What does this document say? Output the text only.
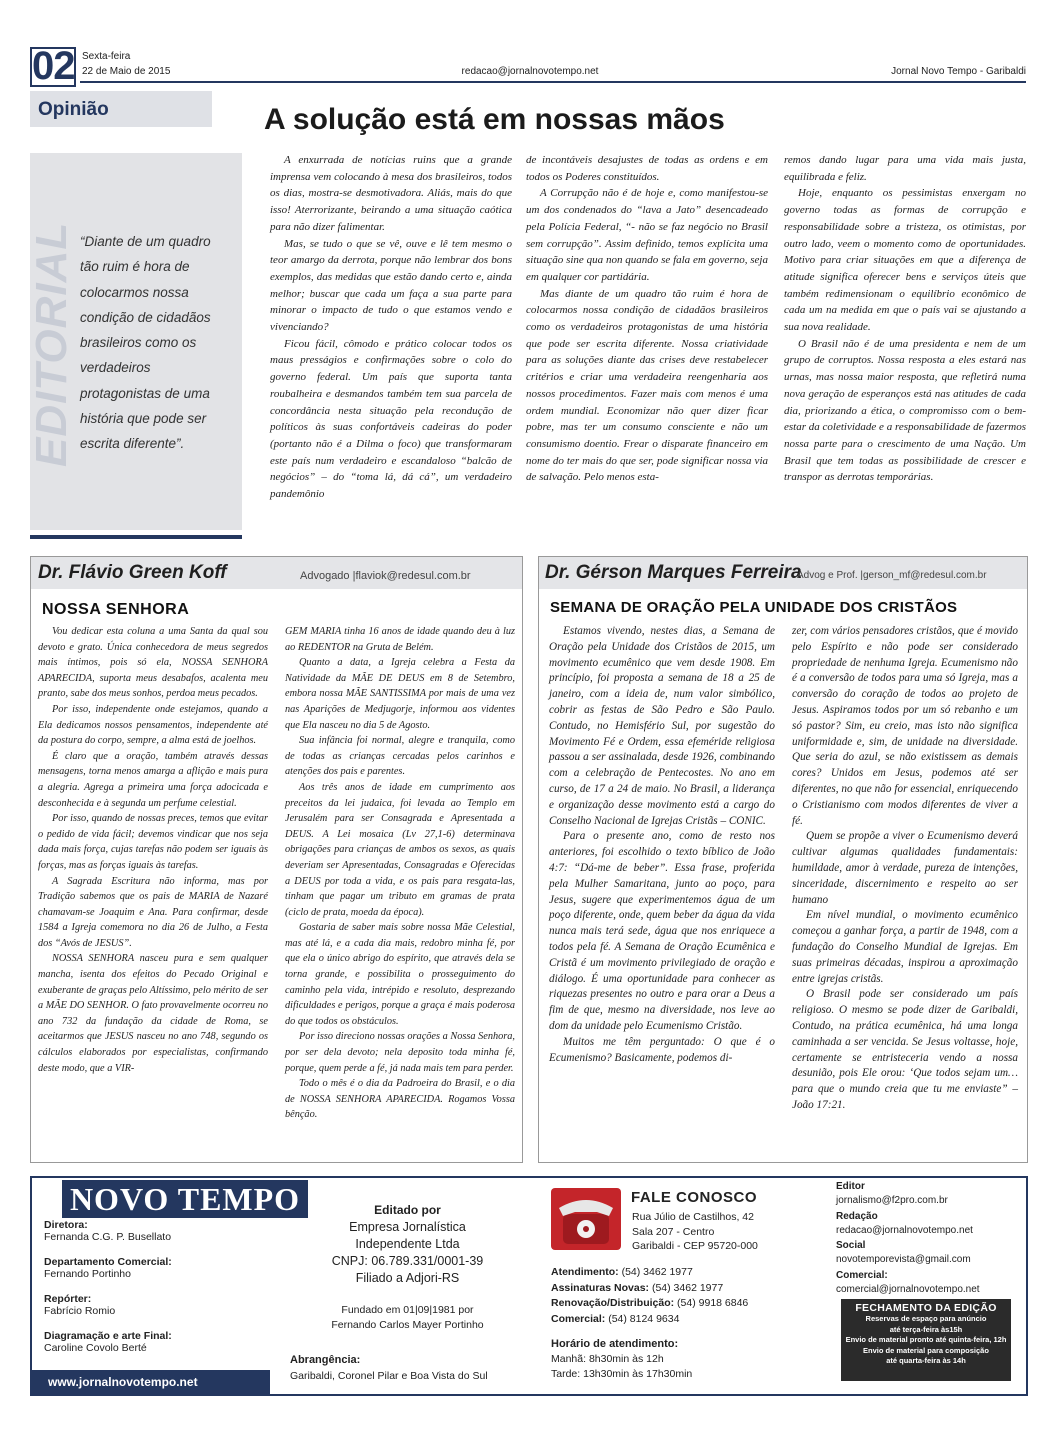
02 Sexta-feira
22 de Maio de 2015	redacao@jornalnovotempo.net	Jornal Novo Tempo - Garibaldi
Opinião	A solução está em nossas mãos
EDITORIAL “Diante de um quadro tão ruim é hora de colocarmos nossa condição de cidadãos brasileiros como os verdadeiros protagonistas de uma história que pode ser escrita diferente”.

A enxurrada de notícias ruins que a grande imprensa vem colocando à mesa dos brasileiros, todos os dias, mostra-se desmotivadora. Aliás, mais do que isso! Aterrorizante, beirando a uma situação caótica para não dizer falimentar.

Mas, se tudo o que se vê, ouve e lê tem mesmo o teor amargo da derrota, porque não lembrar dos bons exemplos, das medidas que estão dando certo e, ainda melhor; buscar que cada um faça a sua parte para minorar o impacto de tudo o que estamos vendo e vivenciando?

Ficou fácil, cômodo e prático colocar todos os maus presságios e confirmações sobre o colo do governo federal. Um país que suporta tanta roubalheira e desmandos também tem sua parcela de concordância nesta situação pela recondução de políticos às suas confortáveis cadeiras do poder (portanto não é a Dilma o foco) que transformaram este país num verdadeiro e escandaloso “balcão de negócios” – do “toma lá, dá cá”, um verdadeiro pandemônio

de incontáveis desajustes de todas as ordens e em todos os Poderes constituídos.

A Corrupção não é de hoje e, como manifestou-se um dos condenados do “lava a Jato” desencadeado pela Polícia Federal, “- não se faz negócio no Brasil sem corrupção”. Assim definido, temos explícita uma situação sine qua non quando se fala em governo, seja em qualquer cor partidária.

Mas diante de um quadro tão ruim é hora de colocarmos nossa condição de cidadãos brasileiros como os verdadeiros protagonistas de uma história que pode ser escrita diferente. Nossa criatividade para as soluções diante das crises deve restabelecer critérios e criar uma verdadeira reengenharia aos nossos procedimentos. Fazer mais com menos é uma ordem mundial. Economizar não quer dizer ficar pobre, mas ter um consumo consciente e não um consumismo doentio. Frear o disparate financeiro em nome do ter mais do que ser, pode significar nossa via de salvação. Pelo menos esta-

remos dando lugar para uma vida mais justa, equilibrada e feliz.

Hoje, enquanto os pessimistas enxergam no governo todas as formas de corrupção e responsabilidade sobre a tristeza, os otimistas, por outro lado, veem o momento como de oportunidades. Motivo para criar situações em que a diferença de atitude significa oferecer bens e serviços úteis que também redimensionam o equilíbrio econômico de cada um na medida em que o país vai se ajustando a sua nova realidade.

O Brasil não é de uma presidenta e nem de um grupo de corruptos. Nossa resposta a eles estará nas urnas, mas nossa maior resposta, que refletirá numa nova geração de esperanços está nas atitudes de cada dia, priorizando a ética, o compromisso com o bem-estar da coletividade e a responsabilidade de fazermos nossa parte para o crescimento de uma Nação. Um Brasil que tem todas as possibilidade de crescer e transpor as derrotas temporárias.

Dr. Flávio Green Koff	Advogado |flaviok@redesul.com.br
NOSSA SENHORA

Vou dedicar esta coluna a uma Santa da qual sou devoto e grato. Única conhecedora de meus segredos mais íntimos, pois só ela, NOSSA SENHORA APARECIDA, suporta meus desabafos, acalenta meu pranto, sabe dos meus sonhos, perdoa meus pecados.

Por isso, independente onde estejamos, quando a Ela dedicamos nossos pensamentos, independente até da postura do corpo, sempre, a alma está de joelhos.

É claro que a oração, também através dessas mensagens, torna menos amarga a aflição e mais pura a alegria. Agrega a primeira uma força adocicada e desconhecida e à segunda um perfume celestial.

Por isso, quando de nossas preces, temos que evitar o pedido de vida fácil; devemos vindicar que nos seja dada mais força, cujas tarefas não podem ser iguais às forças, mas as forças iguais às tarefas.

A Sagrada Escritura não informa, mas por Tradição sabemos que os pais de MARIA de Nazaré chamavam-se Joaquim e Ana. Para confirmar, desde 1584 a Igreja comemora no dia 26 de Julho, a Festa dos “Avós de JESUS”.

NOSSA SENHORA nasceu pura e sem qualquer mancha, isenta dos efeitos do Pecado Original e exuberante de graças pelo Altíssimo, pelo mérito de ser a MÃE DO SENHOR. O fato provavelmente ocorreu no ano 732 da fundação da cidade de Roma, se aceitarmos que JESUS nasceu no ano 748, segundo os cálculos elaborados por especialistas, confirmando deste modo, que a VIR-

GEM MARIA tinha 16 anos de idade quando deu à luz ao REDENTOR na Gruta de Belém.

Quanto a data, a Igreja celebra a Festa da Natividade da MÃE DE DEUS em 8 de Setembro, embora nossa MÃE SANTISSIMA por mais de uma vez nas Aparições de Medjugorje, informou aos videntes que Ela nasceu no dia 5 de Agosto.

Sua infância foi normal, alegre e tranquila, como de todas as crianças cercadas pelos carinhos e atenções dos pais e parentes.

Aos três anos de idade em cumprimento aos preceitos da lei judaica, foi levada ao Templo em Jerusalém para ser Consagrada e Apresentada a DEUS. A Lei mosaica (Lv 27,1-6) determinava obrigações para crianças de ambos os sexos, as quais deveriam ser Apresentadas, Consagradas e Oferecidas a DEUS por toda a vida, e os pais para resgata-las, tinham que pagar um tributo em gramas de prata (ciclo de prata, moeda da época).

Gostaria de saber mais sobre nossa Mãe Celestial, mas até lá, e a cada dia mais, redobro minha fé, por que ela o único abrigo do espírito, que através dela se torna grande, e possibilita o prosseguimento do caminho pela vida, intrépido e resoluto, desprezando dificuldades e perigos, porque a graça é mais poderosa do que todos os obstáculos.

Por isso direciono nossas orações a Nossa Senhora, por ser dela devoto; nela deposito toda minha fé, porque, quem perde a fé, já nada mais tem para perder.

Todo o mês é o dia da Padroeira do Brasil, e o dia de NOSSA SENHORA APARECIDA. Rogamos Vossa bênção.

Dr. Gérson Marques Ferreira
Advog e Prof. |gerson_mf@redesul.com.br
SEMANA DE ORAÇÃO PELA UNIDADE DOS CRISTÃOS

Estamos vivendo, nestes dias, a Semana de Oração pela Unidade dos Cristãos de 2015, um movimento ecumênico que vem desde 1908. Em princípio, foi proposta a semana de 18 a 25 de janeiro, com a ideia de, num valor simbólico, cobrir as festas de São Pedro e São Paulo. Contudo, no Hemisfério Sul, por sugestão do Movimento Fé e Ordem, essa efeméride religiosa passou a ser assinalada, desde 1926, combinando com a celebração de Pentecostes. No ano em curso, de 17 a 24 de maio. No Brasil, a liderança e organização desse movimento está a cargo do Conselho Nacional de Igrejas Cristãs – CONIC.

Para o presente ano, como de resto nos anteriores, foi escolhido o texto bíblico de João 4:7: “Dá-me de beber”. Essa frase, proferida pela Mulher Samaritana, junto ao poço, para Jesus, sugere que experimentemos água de um poço diferente, onde, quem beber da água da vida nunca mais terá sede, água que nos enriquece a todos pela fé. A Semana de Oração Ecumênica e Cristã é um movimento privilegiado de oração e diálogo. É uma oportunidade para conhecer as riquezas presentes no outro e para orar a Deus a fim de que, mesmo na diversidade, nos leve ao dom da unidade pelo Ecumenismo Cristão.

Muitos me têm perguntado: O que é o Ecumenismo? Basicamente, podemos di-

zer, com vários pensadores cristãos, que é movido pelo Espírito e não pode ser considerado propriedade de nenhuma Igreja. Ecumenismo não é a conversão de todos para uma só Igreja, mas a conversão do coração de todos ao projeto de Jesus. Aspiramos todos por um só rebanho e um só pastor? Sim, eu creio, mas isto não significa uniformidade e, sim, de unidade na diversidade. Que seria do azul, se não existissem as demais cores? Unidos em Jesus, podemos até ser diferentes, no que não for essencial, enriquecendo o Cristianismo com modos diferentes de viver a fé.

Quem se propõe a viver o Ecumenismo deverá cultivar algumas qualidades fundamentais: humildade, amor à verdade, pureza de intenções, sinceridade, discernimento e respeito ao ser humano

Em nível mundial, o movimento ecumênico começou a ganhar força, a partir de 1948, com a fundação do Conselho Mundial de Igrejas. Em suas primeiras décadas, inspirou a aproximação entre igrejas cristãs.

O Brasil pode ser considerado um país religioso. O mesmo se pode dizer de Garibaldi, Contudo, na prática ecumênica, há uma longa caminhada a ser vencida. Se Jesus voltasse, hoje, certamente se entristeceria vendo a nossa desunião, pois Ele orou: ‘Que todos sejam um… para que o mundo creia que tu me enviaste” –João 17:21.

NOVO TEMPO
Diretora:
Fernanda C.G. P. Busellato
Departamento Comercial:
Fernando Portinho
Repórter:
Fabrício Romio
Diagramação e arte Final:
Caroline Covolo Berté
www.jornalnovotempo.net
Editado por
Empresa Jornalística
Independente Ltda
CNPJ: 06.789.331/0001-39
Filiado a Adjori-RS
Fundado em 01|09|1981 por
Fernando Carlos Mayer Portinho
Abrangência:
Garibaldi, Coronel Pilar e Boa Vista do Sul
FALE CONOSCO
Rua Júlio de Castilhos, 42
Sala 207 - Centro
Garibaldi - CEP 95720-000
Atendimento: (54) 3462 1977
Assinaturas Novas: (54) 3462 1977
Renovação/Distribuição: (54) 9918 6846
Comercial: (54) 8124 9634
Horário de atendimento:
Manhã: 8h30min às 12h
Tarde: 13h30min às 17h30min
Editor
jornalismo@f2pro.com.br
Redação
redacao@jornalnovotempo.net
Social
novotemporevista@gmail.com
Comercial:
comercial@jornalnovotempo.net
FECHAMENTO DA EDIÇÃO
Reservas de espaço para anúncio
até terça-feira às15h
Envio de material pronto até quinta-feira, 12h
Envio de material para composição
até quarta-feira às 14h
